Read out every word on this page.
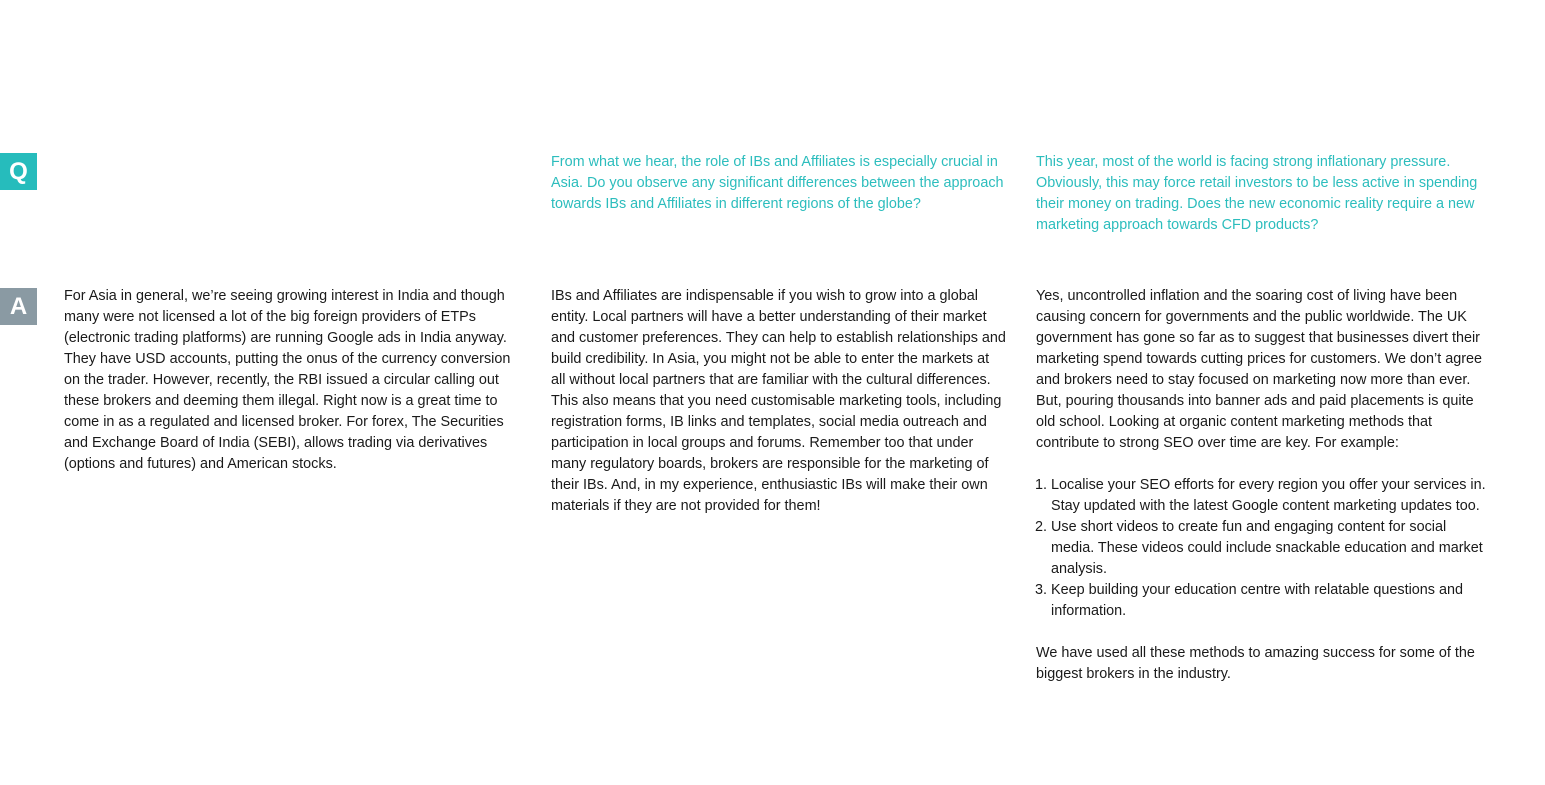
Q
A	For Asia in general, we’re seeing growing interest in India and though many were not licensed a lot of the big foreign providers of ETPs (electronic trading platforms) are running Google ads in India anyway. They have USD accounts, putting the onus of the currency conversion on the trader. However, recently, the RBI issued a circular calling out these brokers and deeming them illegal. Right now is a great time to come in as a regulated and licensed broker. For forex, The Securities and Exchange Board of India (SEBI), allows trading via derivatives (options and futures) and American stocks.

From what we hear, the role of IBs and Affiliates is especially crucial in Asia. Do you observe any significant differences between the approach towards IBs and Affiliates in different regions of the globe?

IBs and Affiliates are indispensable if you wish to grow into a global entity. Local partners will have a better understanding of their market and customer preferences. They can help to establish relationships and build credibility. In Asia, you might not be able to enter the markets at all without local partners that are familiar with the cultural differences. This also means that you need customisable marketing tools, including registration forms, IB links and templates, social media outreach and participation in local groups and forums. Remember too that under many regulatory boards, brokers are responsible for the marketing of their IBs. And, in my experience, enthusiastic IBs will make their own materials if they are not provided for them!

This year, most of the world is facing strong inflationary pressure. Obviously, this may force retail investors to be less active in spending their money on trading. Does the new economic reality require a new marketing approach towards CFD products?

Yes, uncontrolled inflation and the soaring cost of living have been causing concern for governments and the public worldwide. The UK government has gone so far as to suggest that businesses divert their marketing spend towards cutting prices for customers. We don’t agree and brokers need to stay focused on marketing now more than ever. But, pouring thousands into banner ads and paid placements is quite old school. Looking at organic content marketing methods that contribute to strong SEO over time are key. For example:

1. Localise your SEO efforts for every region you offer your services in. Stay updated with the latest Google content marketing updates too.
2. Use short videos to create fun and engaging content for social media. These videos could include snackable education and market analysis.
3. Keep building your education centre with relatable questions and information.

We have used all these methods to amazing success for some of the biggest brokers in the industry.
